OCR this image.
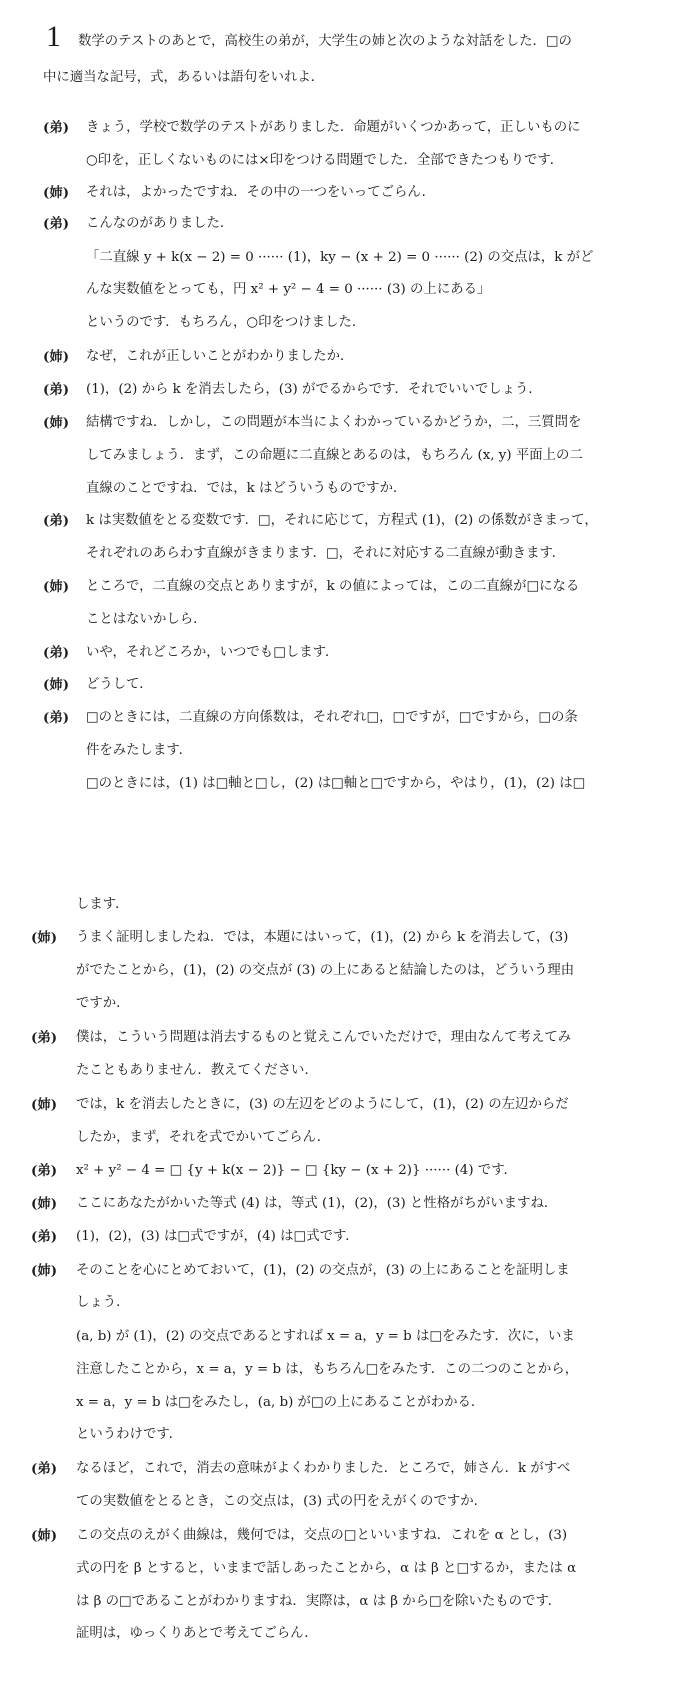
1 数学のテストのあとで，高校生の弟が，大学生の姉と次のような対話をした．□の
中に適当な記号，式，あるいは語句をいれよ．
(弟) きょう，学校で数学のテストがありました．命題がいくつかあって，正しいものに
○印を，正しくないものには×印をつける問題でした．全部できたつもりです．
(姉) それは，よかったですね．その中の一つをいってごらん．
(弟) こんなのがありました．
「二直線 y + k(x − 2) = 0 ······ (1)，ky − (x + 2) = 0 ······ (2) の交点は，k がど
んな実数値をとっても，円 x² + y² − 4 = 0 ······ (3) の上にある」
というのです．もちろん，○印をつけました．
(姉) なぜ，これが正しいことがわかりましたか．
(弟) (1)，(2) から k を消去したら，(3) がでるからです．それでいいでしょう．
(姉) 結構ですね．しかし，この問題が本当によくわかっているかどうか，二，三質問を
してみましょう．まず，この命題に二直線とあるのは，もちろん (x, y) 平面上の二
直線のことですね．では，k はどういうものですか．
(弟) k は実数値をとる変数です．□，それに応じて，方程式 (1)，(2) の係数がきまって，
それぞれのあらわす直線がきまります．□，それに対応する二直線が動きます．
(姉) ところで，二直線の交点とありますが，k の値によっては，この二直線が□になる
ことはないかしら．
(弟) いや，それどころか，いつでも□します．
(姉) どうして．
(弟) □のときには，二直線の方向係数は，それぞれ□，□ですが，□ですから，□の条
件をみたします．
□のときには，(1) は□軸と□し，(2) は□軸と□ですから，やはり，(1)，(2) は□
します．
(姉) うまく証明しましたね．では，本題にはいって，(1)，(2) から k を消去して，(3)
がでたことから，(1)，(2) の交点が (3) の上にあると結論したのは，どういう理由
ですか．
(弟) 僕は，こういう問題は消去するものと覚えこんでいただけで，理由なんて考えてみ
たこともありません．教えてください．
(姉) では，k を消去したときに，(3) の左辺をどのようにして，(1)，(2) の左辺からだ
したか，まず，それを式でかいてごらん．
(弟) x² + y² − 4 = □ {y + k(x − 2)} − □ {ky − (x + 2)} ······ (4) です．
(姉) ここにあなたがかいた等式 (4) は，等式 (1)，(2)，(3) と性格がちがいますね．
(弟) (1)，(2)，(3) は□式ですが，(4) は□式です．
(姉) そのことを心にとめておいて，(1)，(2) の交点が，(3) の上にあることを証明しま
しょう．
(a, b) が (1)，(2) の交点であるとすれば x = a，y = b は□をみたす．次に，いま
注意したことから，x = a，y = b は，もちろん□をみたす．この二つのことから，
x = a，y = b は□をみたし，(a, b) が□の上にあることがわかる．
というわけです．
(弟) なるほど，これで，消去の意味がよくわかりました．ところで，姉さん．k がすべ
ての実数値をとるとき，この交点は，(3) 式の円をえがくのですか．
(姉) この交点のえがく曲線は，幾何では，交点の□といいますね．これを α とし，(3)
式の円を β とすると，いままで話しあったことから，α は β と□するか，または α
は β の□であることがわかりますね．実際は，α は β から□を除いたものです．
証明は，ゆっくりあとで考えてごらん．
